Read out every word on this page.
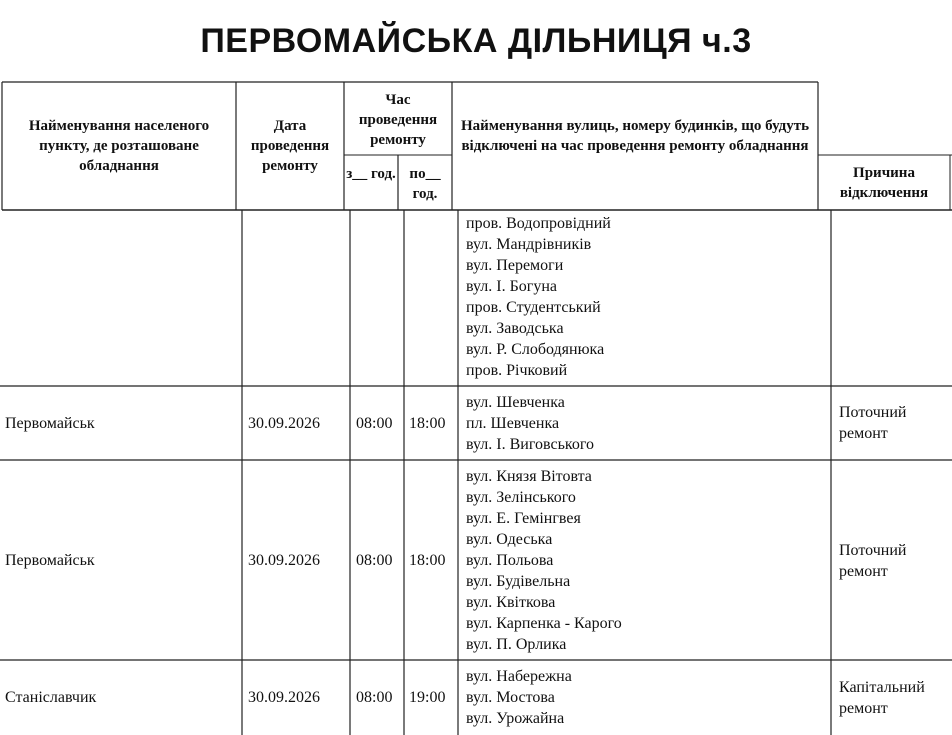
ПЕРВОМАЙСЬКА ДІЛЬНИЦЯ ч.3
Найменування населеного пункту, де розташоване обладнання
Дата проведення ремонту
Час проведення ремонту
з__ год. по__ год.
Найменування вулиць, номеру будинків, що будуть відключені на час проведення ремонту обладнання
Причина відключення
пров. Водопровідний
вул. Мандрівників
вул. Перемоги
вул. І. Богуна
пров. Студентський
вул. Заводська
вул. Р. Слободянюка
пров. Річковий
Первомайськ	30.09.2026 08:00 18:00
вул. Шевченка
пл. Шевченка
вул. І. Виговського
Поточний ремонт
Первомайськ	30.09.2026 08:00 18:00
вул. Князя Вітовта
вул. Зелінського
вул. Е. Гемінгвея
вул. Одеська
вул. Польова
вул. Будівельна
вул. Квіткова
вул. Карпенка - Карого
вул. П. Орлика
Поточний ремонт
Станіславчик	30.09.2026 08:00 19:00
вул. Набережна
вул. Мостова
вул. Урожайна
Капітальний ремонт
